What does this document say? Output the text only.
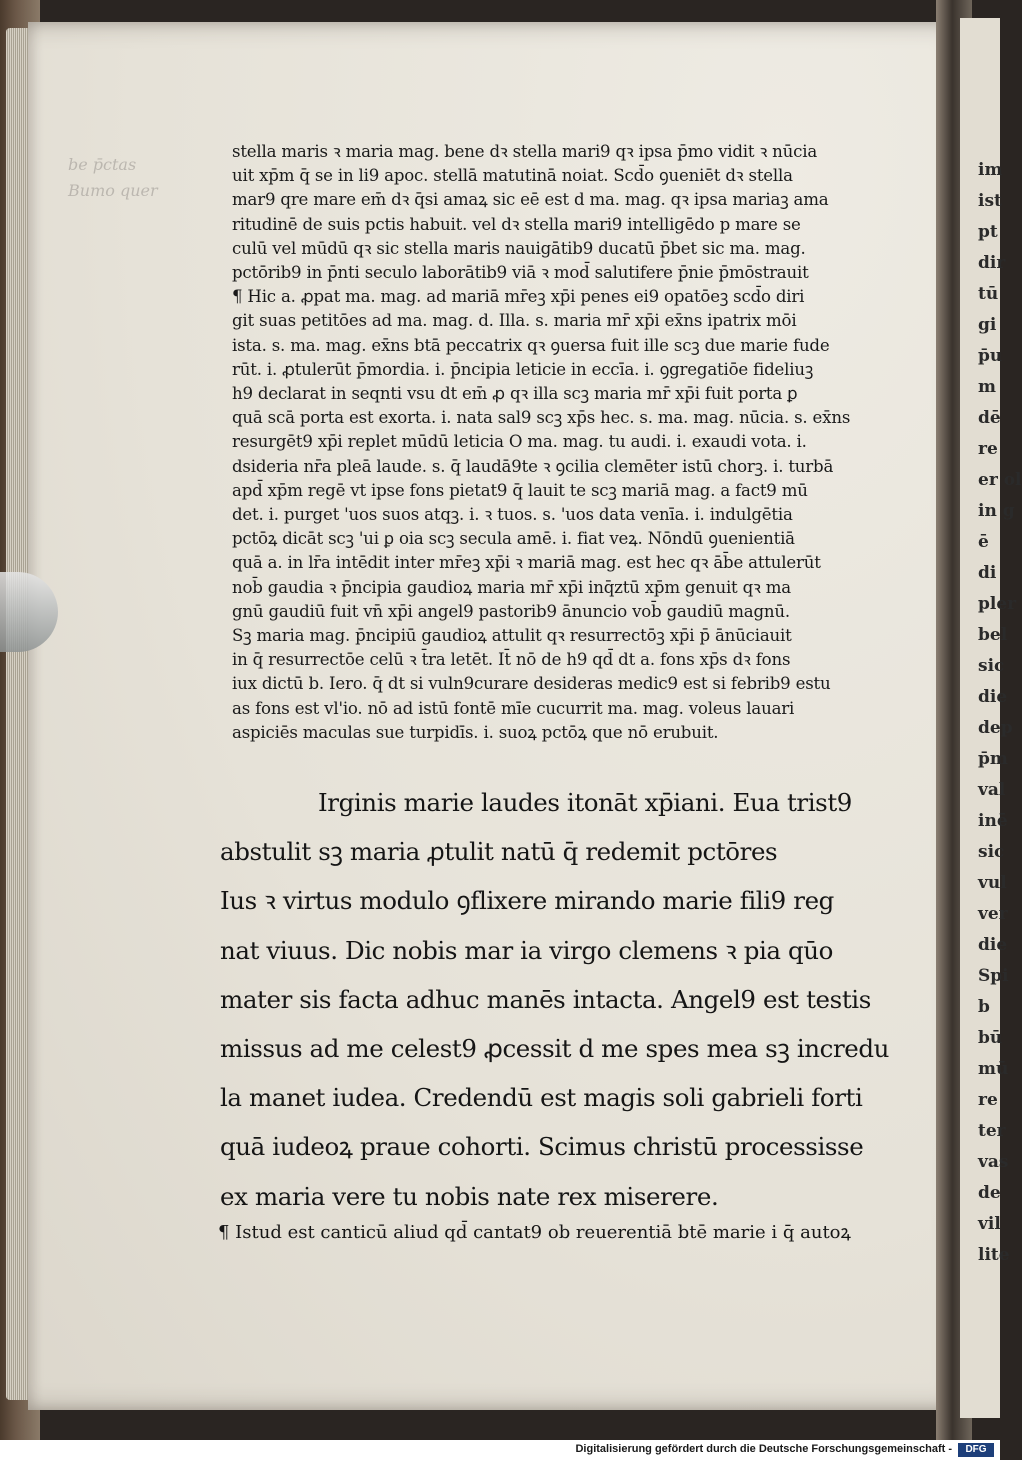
be p̄ctas
Bumo quer
im
ist
pt
dir
tū
gi
p̄u
m
dē
re
er ol
in g
ē
di
pler
bel
sic
die
dep
p̄m
val
inē
sic
vul
ver
die
Spi
b
bū
mū
re
ter
vas
de
vil
lite
stella maris ꝛ maria mag. bene dꝛ stella mari9 qꝛ ipsa p̄mo vidit ꝛ nūcia
uit xp̄m q̄ se in li9 apoc. stellā matutinā noiat. Scd̄o ꝯueniēt dꝛ stella
mar9 qre mare em̄ dꝛ q̄si amaꝝ sic eē est d ma. mag. qꝛ ipsa mariaꝫ ama
ritudinē de suis pctis habuit. vel dꝛ stella mari9 intelligēdo p mare se
culū vel mūdū qꝛ sic stella maris nauigātib9 ducatū p̄bet sic ma. mag.
pctōrib9 in p̄nti seculo laborātib9 viā ꝛ mod̄ salutifere p̄nie p̄mōstrauit
¶ Hic a. ꝓpat ma. mag. ad mariā mr̄eꝫ xp̄i penes ei9 opatōeꝫ scd̄o diri
git suas petitōes ad ma. mag. d. Illa. s. maria mr̄ xp̄i ex̄ns ipatrix mōi
ista. s. ma. mag. ex̄ns btā peccatrix qꝛ ꝯuersa fuit ille scꝫ due marie fude
rūt. i. ꝓtulerūt p̄mordia. i. p̄ncipia leticie in eccīa. i. ꝯgregatiōe fideliuꝫ
h9 declarat in seqnti vsu dt em̄ ꝓ qꝛ illa scꝫ maria mr̄ xp̄i fuit porta ꝑ
quā scā porta est exorta. i. nata sal9 scꝫ xp̄s hec. s. ma. mag. nūcia. s. ex̄ns
resurgēt9 xp̄i replet mūdū leticia O ma. mag. tu audi. i. exaudi vota. i.
dsideria nr̄a pleā laude. s. q̄ laudā9te ꝛ ꝯcilia clemēter istū chorꝫ. i. turbā
apd̄ xp̄m regē vt ipse fons pietat9 q̄ lauit te scꝫ mariā mag. a fact9 mū
det. i. purget 'uos suos atqꝫ. i. ꝛ tuos. s. 'uos data venīa. i. indulgētia
pctōꝝ dicāt scꝫ 'ui ꝑ oia scꝫ secula amē. i. fiat veꝝ. Nōndū ꝯuenientiā
quā a. in lr̄a intēdit inter mr̄eꝫ xp̄i ꝛ mariā mag. est hec qꝛ āb̄e attulerūt
nob̄ gaudia ꝛ p̄ncipia gaudioꝝ maria mr̄ xp̄i inq̄ztū xp̄m genuit qꝛ ma
gnū gaudiū fuit vn̄ xp̄i angel9 pastorib9 ānuncio vob̄ gaudiū magnū.
Sꝫ maria mag. p̄ncipiū gaudioꝝ attulit qꝛ resurrectōꝫ xp̄i p̄ ānūciauit
in q̄ resurrectōe celū ꝛ t̄ra letēt. It̄ nō de h9 qd̄ dt a. fons xp̄s dꝛ fons
iux dictū b. Iero. q̄ dt si vuln9curare desideras medic9 est si febrib9 estu
as fons est vl'io. nō ad istū fontē mīe cucurrit ma. mag. voleus lauari
aspiciēs maculas sue turpidīs. i. suoꝝ pctōꝝ que nō erubuit.
Irginis marie laudes itonāt xp̄iani. Eua trist9
abstulit sꝫ maria ꝓtulit natū q̄ redemit pctōres
Ius ꝛ virtus modulo ꝯflixere mirando marie fili9 reg
nat viuus. Dic nobis mar ia virgo clemens ꝛ pia qūo
mater sis facta adhuc manēs intacta. Angel9 est testis
missus ad me celest9 ꝓcessit d me spes mea sꝫ incredu
la manet iudea. Credendū est magis soli gabrieli forti
quā iudeoꝝ praue cohorti. Scimus christū processisse
ex maria vere tu nobis nate rex miserere.
¶ Istud est canticū aliud qd̄ cantat9 ob reuerentiā btē marie i q̄ autoꝝ
Digitalisierung gefördert durch die Deutsche Forschungsgemeinschaft -	DFG
